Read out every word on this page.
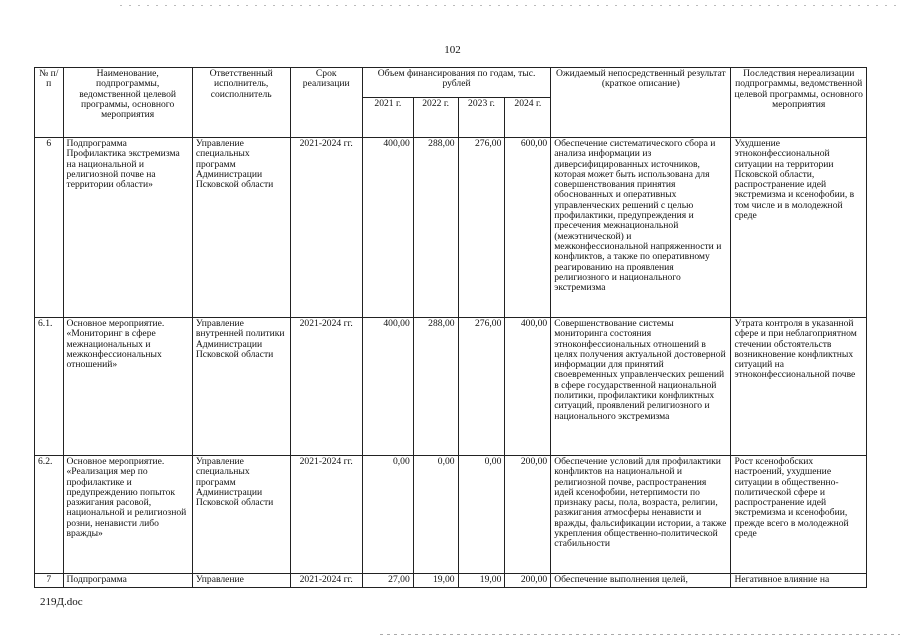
102
№ п/п	Наименование, подпрограммы, ведомственной целевой программы, основного мероприятия	Ответственный исполнитель, соисполнитель	Срок реализации	Объем финансирования по годам, тыс. рублей				Ожидаемый непосредственный результат (краткое описание)	Последствия нереализации подпрограммы, ведомственной целевой программы, основного мероприятия
				2021 г.	2022 г.	2023 г.	2024 г.		
6	Подпрограмма Профилактика экстремизма на национальной и религиозной почве на территории области»	Управление специальных программ Администрации Псковской области	2021-2024 гг.	400,00	288,00	276,00	600,00	Обеспечение систематического сбора и анализа информации из диверсифицированных источников, которая может быть использована для совершенствования принятия обоснованных и оперативных управленческих решений с целью профилактики, предупреждения и пресечения межнациональной (межэтнической) и межконфессиональной напряженности и конфликтов, а также по оперативному реагированию на проявления религиозного и национального экстремизма	Ухудшение этноконфессиональной ситуации на территории Псковской области, распространение идей экстремизма и ксенофобии, в том числе и в молодежной среде
6.1.	Основное мероприятие. «Мониторинг в сфере межнациональных и межконфессиональных отношений»	Управление внутренней политики Администрации Псковской области	2021-2024 гг.	400,00	288,00	276,00	400,00	Совершенствование системы мониторинга состояния этноконфессиональных отношений в целях получения актуальной достоверной информации для принятий своевременных управленческих решений в сфере государственной национальной политики, профилактики конфликтных ситуаций, проявлений религиозного и национального экстремизма	Утрата контроля в указанной сфере и при неблагоприятном стечении обстоятельств возникновение конфликтных ситуаций на этноконфессиональной почве
6.2.	Основное мероприятие. «Реализация мер по профилактике и предупреждению попыток разжигания расовой, национальной и религиозной розни, ненависти либо вражды»	Управление специальных программ Администрации Псковской области	2021-2024 гг.	0,00	0,00	0,00	200,00	Обеспечение условий для профилактики конфликтов на национальной и религиозной почве, распространения идей ксенофобии, нетерпимости по признаку расы, пола, возраста, религии, разжигания атмосферы ненависти и вражды, фальсификации истории, а также укрепления общественно-политической стабильности	Рост ксенофобских настроений, ухудшение ситуации в общественно-политической сфере и распространение идей экстремизма и ксенофобии, прежде всего в молодежной среде
7	Подпрограмма	Управление	2021-2024 гг.	27,00	19,00	19,00	200,00	Обеспечение выполнения целей,	Негативное влияние на
219Д.doc
